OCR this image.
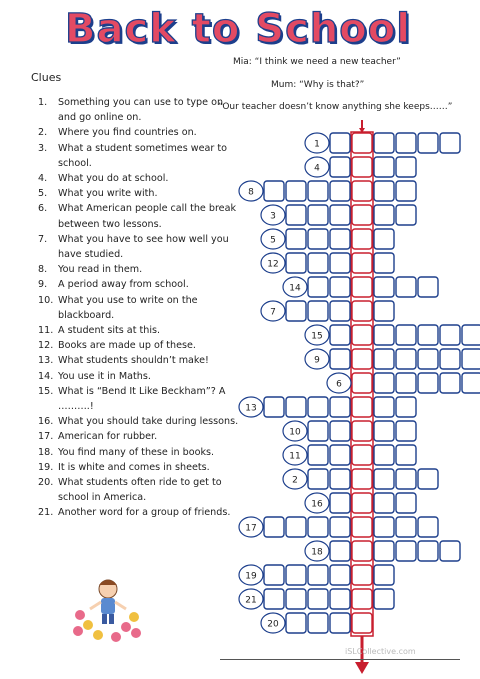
Back to School
Mia: “I think we need a new teacher”
Mum: “Why is that?”
“Our teacher doesn’t know anything she keeps……”
Clues
1.	Something you can use to type on and go online on.
2.	Where you find countries on.
3.	What a student sometimes wear to school.
4.	What you do at school.
5.	What you write with.
6.	What American people call the break between two lessons.
7.	What you have to see how well you have studied.
8.	You read in them.
9.	A period away from school.
10. What you use to write on the blackboard.
11. A student sits at this.
12. Books are made up of these.
13. What students shouldn’t make!
14. You use it in Maths.
15. What is “Bend It Like Beckham”? A ……….!
16. What you should take during lessons.
17. American for rubber.
18. You find many of these in books.
19. It is white and comes in sheets.
20. What students often ride to get to school in America.
21. Another word for a group of friends.
1
4
8
3
5
12
14
7
15
9
6
13
10
11
2
16
17
18
19
21
20
iSLCollective.com
